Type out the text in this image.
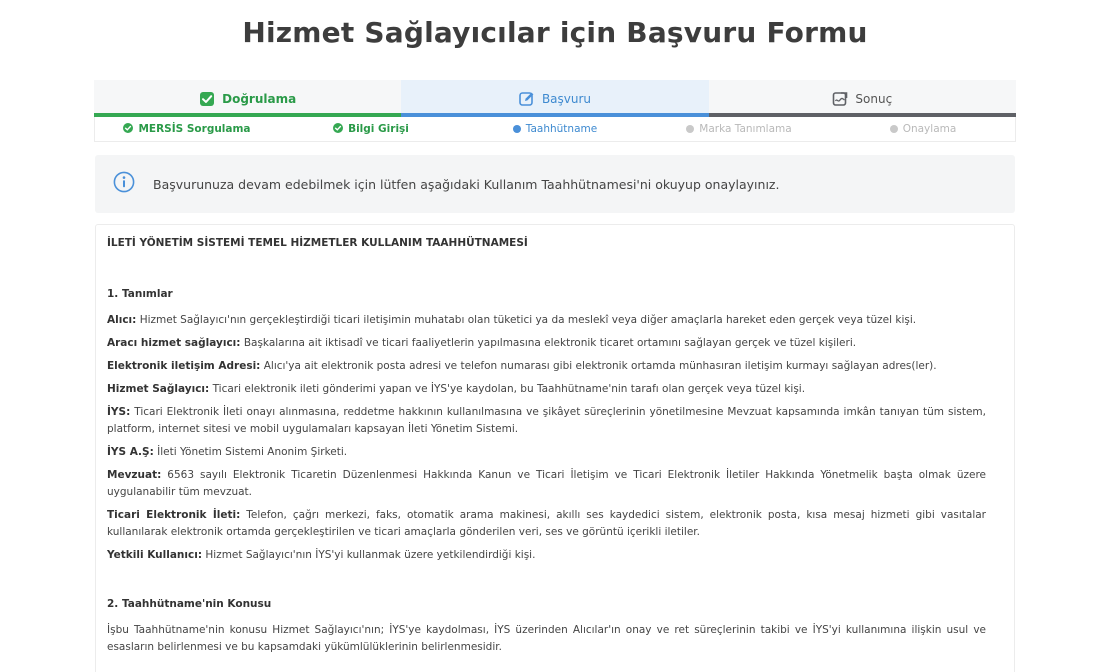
Hizmet Sağlayıcılar için Başvuru Formu
Doğrulama	Başvuru	Sonuç
MERSİS Sorgulama	Bilgi Girişi	Taahhütname	Marka Tanımlama	Onaylama
Başvurunuza devam edebilmek için lütfen aşağıdaki Kullanım Taahhütnamesi'ni okuyup onaylayınız.
İLETİ YÖNETİM SİSTEMİ TEMEL HİZMETLER KULLANIM TAAHHÜTNAMESİ
1. Tanımlar

Alıcı: Hizmet Sağlayıcı'nın gerçekleştirdiği ticari iletişimin muhatabı olan tüketici ya da meslekî veya diğer amaçlarla hareket eden gerçek veya tüzel kişi.

Aracı hizmet sağlayıcı: Başkalarına ait iktisadî ve ticari faaliyetlerin yapılmasına elektronik ticaret ortamını sağlayan gerçek ve tüzel kişileri.

Elektronik iletişim Adresi: Alıcı'ya ait elektronik posta adresi ve telefon numarası gibi elektronik ortamda münhasıran iletişim kurmayı sağlayan adres(ler).

Hizmet Sağlayıcı: Ticari elektronik ileti gönderimi yapan ve İYS'ye kaydolan, bu Taahhütname'nin tarafı olan gerçek veya tüzel kişi.

İYS: Ticari Elektronik İleti onayı alınmasına, reddetme hakkının kullanılmasına ve şikâyet süreçlerinin yönetilmesine Mevzuat kapsamında imkân tanıyan tüm sistem, platform, internet sitesi ve mobil uygulamaları kapsayan İleti Yönetim Sistemi.

İYS A.Ş: İleti Yönetim Sistemi Anonim Şirketi.

Mevzuat: 6563 sayılı Elektronik Ticaretin Düzenlenmesi Hakkında Kanun ve Ticari İletişim ve Ticari Elektronik İletiler Hakkında Yönetmelik başta olmak üzere uygulanabilir tüm mevzuat.

Ticari Elektronik İleti: Telefon, çağrı merkezi, faks, otomatik arama makinesi, akıllı ses kaydedici sistem, elektronik posta, kısa mesaj hizmeti gibi vasıtalar kullanılarak elektronik ortamda gerçekleştirilen ve ticari amaçlarla gönderilen veri, ses ve görüntü içerikli iletiler.

Yetkili Kullanıcı: Hizmet Sağlayıcı'nın İYS'yi kullanmak üzere yetkilendirdiği kişi.

2. Taahhütname'nin Konusu

İşbu Taahhütname'nin konusu Hizmet Sağlayıcı'nın; İYS'ye kaydolması, İYS üzerinden Alıcılar'ın onay ve ret süreçlerinin takibi ve İYS'yi kullanımına ilişkin usul ve esasların belirlenmesi ve bu kapsamdaki yükümlülüklerinin belirlenmesidir.
